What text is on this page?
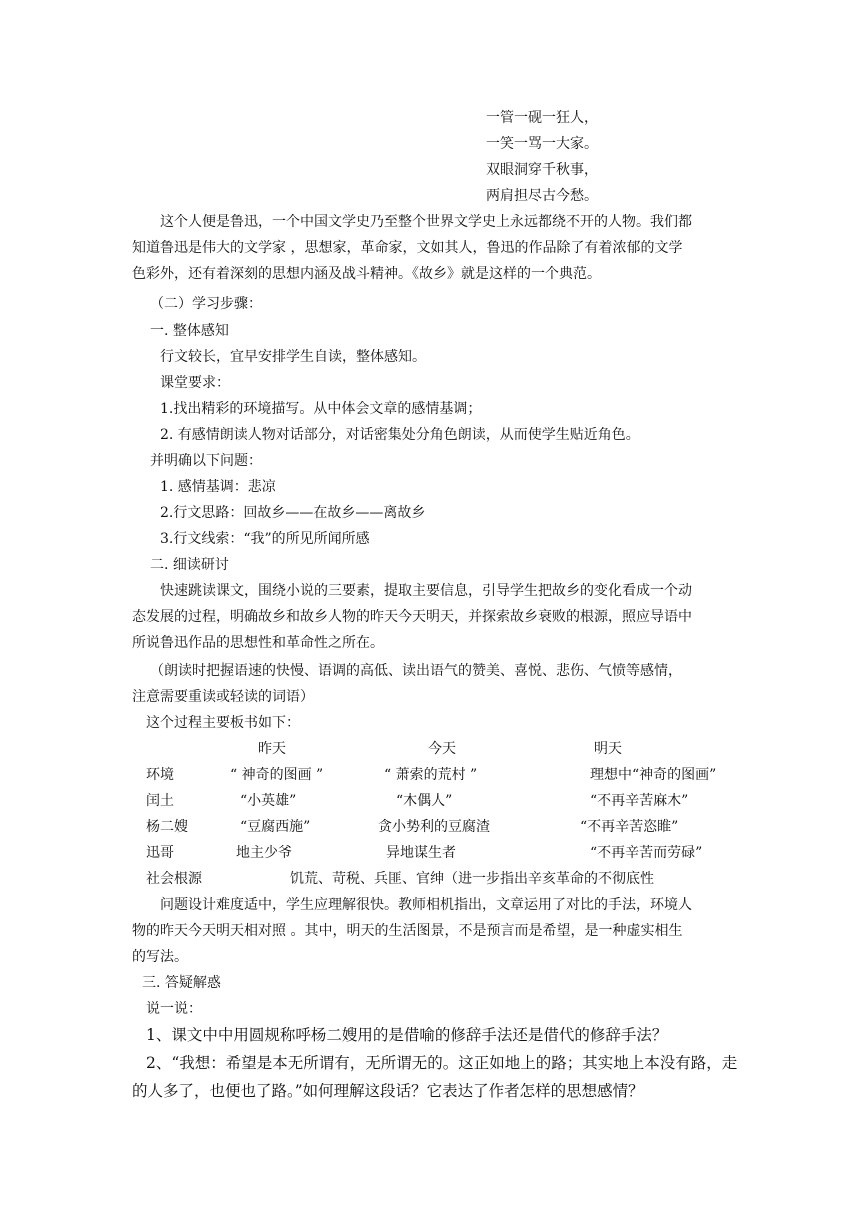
一管一砚一狂人，
一笑一骂一大家。
双眼洞穿千秋事，
两肩担尽古今愁。
这个人便是鲁迅，一个中国文学史乃至整个世界文学史上永远都绕不开的人物。我们都
知道鲁迅是伟大的文学家 ，思想家，革命家，文如其人，鲁迅的作品除了有着浓郁的文学
色彩外，还有着深刻的思想内涵及战斗精神。《故乡》就是这样的一个典范。
（二）学习步骤：
一. 整体感知
行文较长，宜早安排学生自读，整体感知。
课堂要求：
1.找出精彩的环境描写。从中体会文章的感情基调；
2. 有感情朗读人物对话部分，对话密集处分角色朗读，从而使学生贴近角色。
并明确以下问题：
1. 感情基调：悲凉
2.行文思路：回故乡——在故乡——离故乡
3.行文线索：“我”的所见所闻所感
二. 细读研讨
快速跳读课文，围绕小说的三要素，提取主要信息，引导学生把故乡的变化看成一个动
态发展的过程，明确故乡和故乡人物的昨天今天明天，并探索故乡衰败的根源，照应导语中
所说鲁迅作品的思想性和革命性之所在。
（朗读时把握语速的快慢、语调的高低、读出语气的赞美、喜悦、悲伤、气愤等感情，
注意需要重读或轻读的词语）
这个过程主要板书如下：
昨天	今天	明天
环境	“ 神奇的图画 ”	“ 萧索的荒村 ”	理想中“神奇的图画”
闰土	“小英雄”	“木偶人”	“不再辛苦麻木”
杨二嫂	“豆腐西施”	贪小势利的豆腐渣	“不再辛苦恣睢”
迅哥	地主少爷	异地谋生者	“不再辛苦而劳碌”
社会根源	饥荒、苛税、兵匪、官绅（进一步指出辛亥革命的不彻底性
问题设计难度适中，学生应理解很快。教师相机指出，文章运用了对比的手法，环境人
物的昨天今天明天相对照 。其中，明天的生活图景，不是预言而是希望，是一种虚实相生
的写法。
三. 答疑解惑
说一说：
1、课文中中用圆规称呼杨二嫂用的是借喻的修辞手法还是借代的修辞手法？
2、“我想：希望是本无所谓有，无所谓无的。这正如地上的路；其实地上本没有路，走
的人多了，也便也了路。”如何理解这段话？它表达了作者怎样的思想感情？
